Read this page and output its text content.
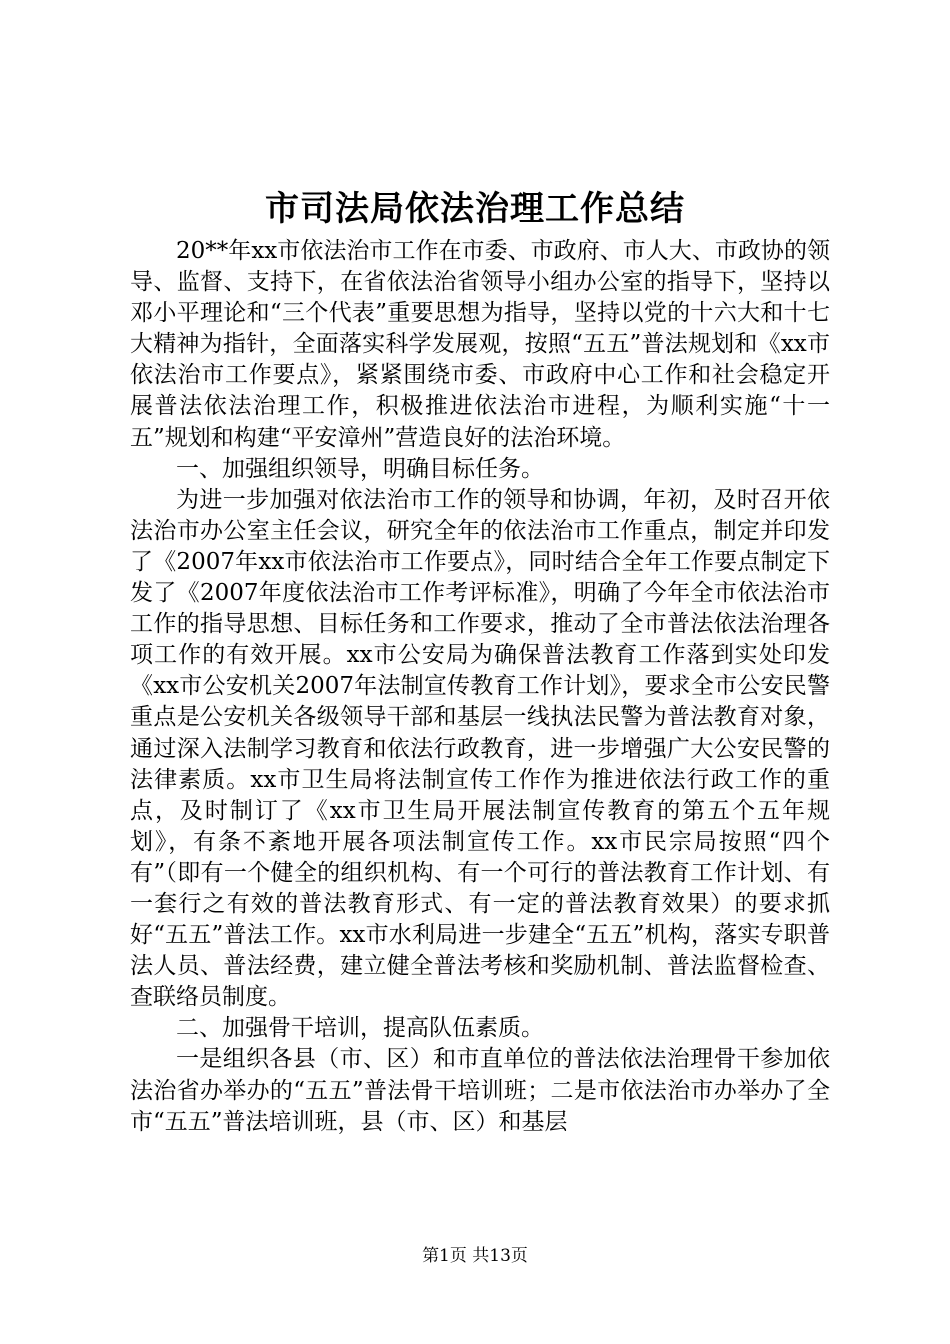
市司法局依法治理工作总结

20**年xx市依法治市工作在市委、市政府、市人大、市政协的领导、监督、支持下，在省依法治省领导小组办公室的指导下，坚持以邓小平理论和“三个代表”重要思想为指导，坚持以党的十六大和十七大精神为指针，全面落实科学发展观，按照“五五”普法规划和《xx市依法治市工作要点》，紧紧围绕市委、市政府中心工作和社会稳定开展普法依法治理工作，积极推进依法治市进程，为顺利实施“十一五”规划和构建“平安漳州”营造良好的法治环境。

一、加强组织领导，明确目标任务。

为进一步加强对依法治市工作的领导和协调，年初，及时召开依法治市办公室主任会议，研究全年的依法治市工作重点，制定并印发了《2007年xx市依法治市工作要点》，同时结合全年工作要点制定下发了《2007年度依法治市工作考评标准》，明确了今年全市依法治市工作的指导思想、目标任务和工作要求，推动了全市普法依法治理各项工作的有效开展。xx市公安局为确保普法教育工作落到实处印发《xx市公安机关2007年法制宣传教育工作计划》，要求全市公安民警重点是公安机关各级领导干部和基层一线执法民警为普法教育对象，通过深入法制学习教育和依法行政教育，进一步增强广大公安民警的法律素质。xx市卫生局将法制宣传工作作为推进依法行政工作的重点，及时制订了《xx市卫生局开展法制宣传教育的第五个五年规划》，有条不紊地开展各项法制宣传工作。xx市民宗局按照“四个有”（即有一个健全的组织机构、有一个可行的普法教育工作计划、有一套行之有效的普法教育形式、有一定的普法教育效果）的要求抓好“五五”普法工作。xx市水利局进一步建全“五五”机构，落实专职普法人员、普法经费，建立健全普法考核和奖励机制、普法监督检查、查联络员制度。

二、加强骨干培训，提高队伍素质。

一是组织各县（市、区）和市直单位的普法依法治理骨干参加依法治省办举办的“五五”普法骨干培训班；二是市依法治市办举办了全市“五五”普法培训班，县（市、区）和基层

第1页 共13页
